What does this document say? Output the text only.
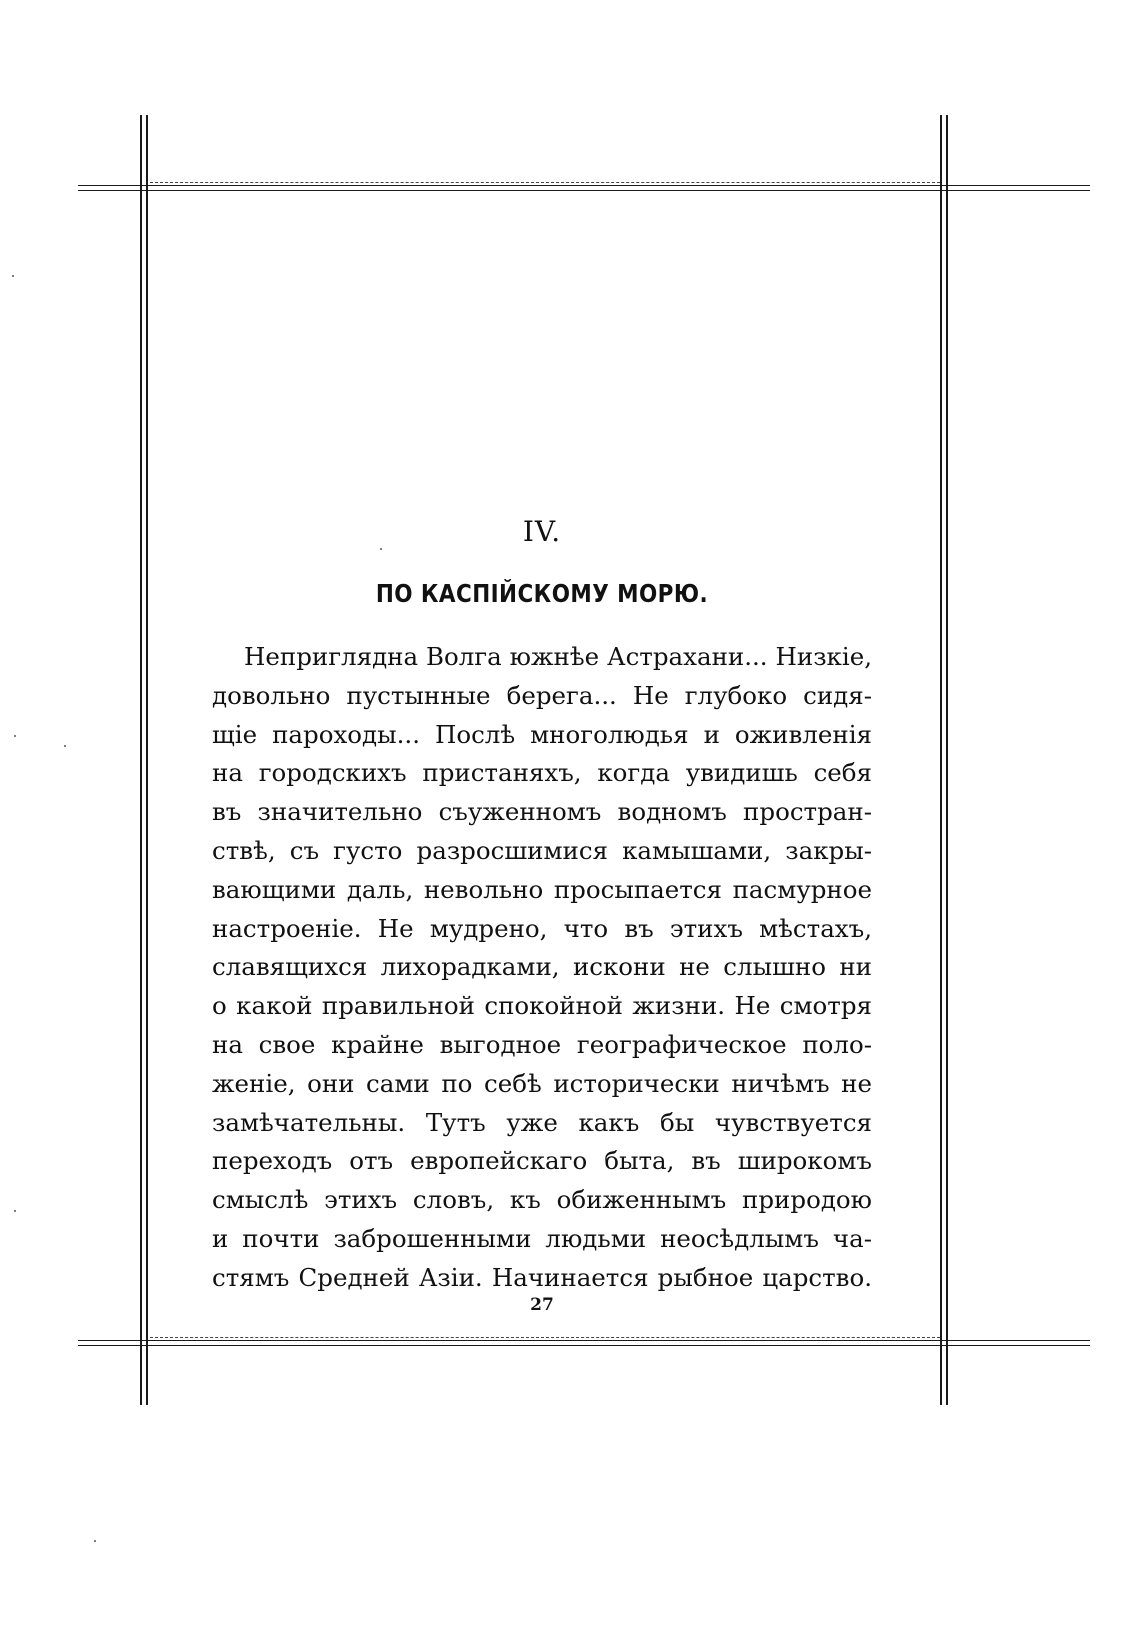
IV.
ПО КАСПІЙСКОМУ МОРЮ.
Непригляднa Волга южнѣе Астрахани... Низкie,
довольно пустынные берега... Не глубоко сидя-
щie пароходы... Послѣ многолюдья и оживленiя
на городскихъ пристаняхъ, когда увидишь себя
въ значительно съуженномъ водномъ простран-
ствѣ, съ густо разросшимися камышами, закры-
вающими даль, невольно просыпается пасмурное
настроенie. Не мудрено, что въ этихъ мѣстахъ,
славящихся лихорадками, искони не слышно ни
о какой правильной спокойной жизни. Не смотря
на свое крайне выгодное географическое поло-
женie, они сами по себѣ исторически ничѣмъ не
замѣчательны. Тутъ уже какъ бы чувствуется
переходъ отъ европейскаго быта, въ широкомъ
смыслѣ этихъ словъ, къ обиженнымъ природою
и почти заброшенными людьми неосѣдлымъ ча-
стямъ Средней Азiи. Начинается рыбное царство.
27
